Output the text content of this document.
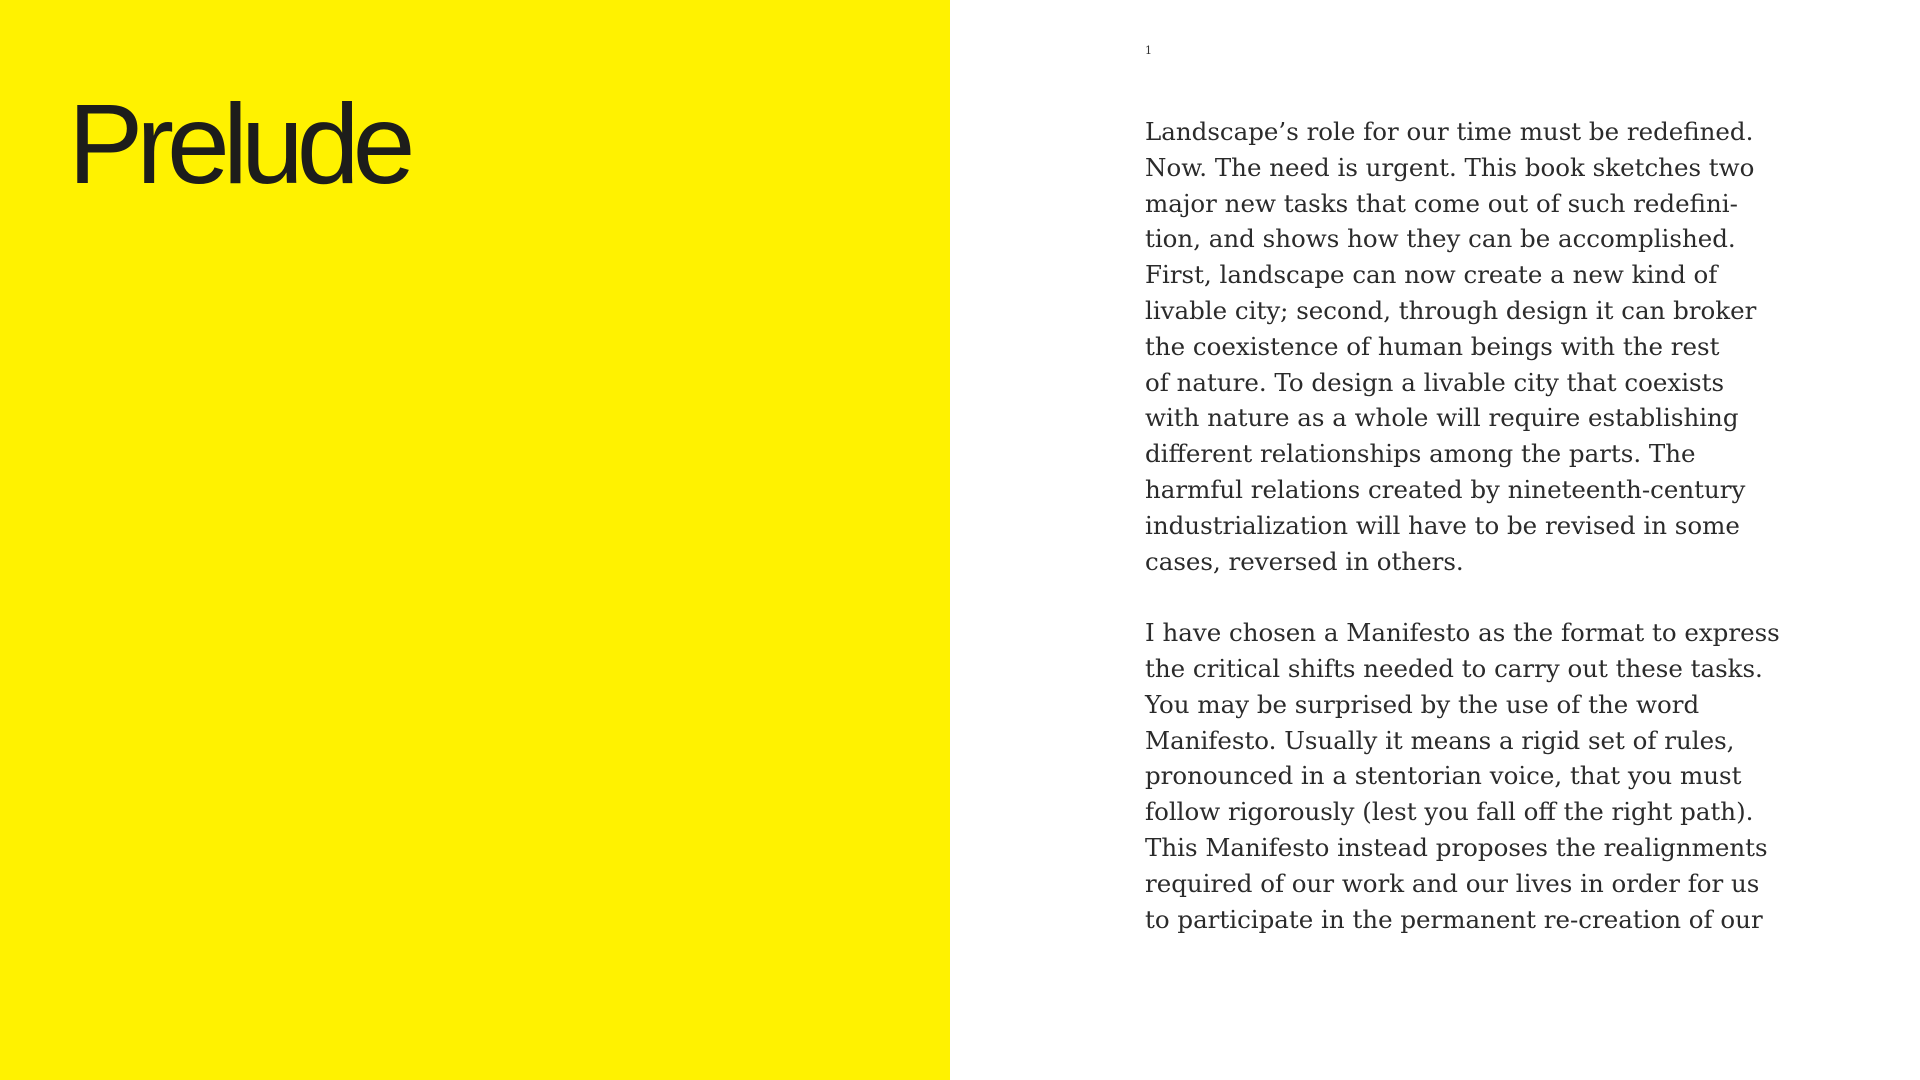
Prelude
1

Landscape’s role for our time must be redefined.
Now. The need is urgent. This book sketches two
major new tasks that come out of such redefini-
tion, and shows how they can be accomplished.
First, landscape can now create a new kind of
livable city; second, through design it can broker
the coexistence of human beings with the rest
of nature. To design a livable city that coexists
with nature as a whole will require establishing
different relationships among the parts. The
harmful relations created by nineteenth-century
industrialization will have to be revised in some
cases, reversed in others.

I have chosen a Manifesto as the format to express
the critical shifts needed to carry out these tasks.
You may be surprised by the use of the word
Manifesto. Usually it means a rigid set of rules,
pronounced in a stentorian voice, that you must
follow rigorously (lest you fall off the right path).
This Manifesto instead proposes the realignments
required of our work and our lives in order for us
to participate in the permanent re-creation of our
